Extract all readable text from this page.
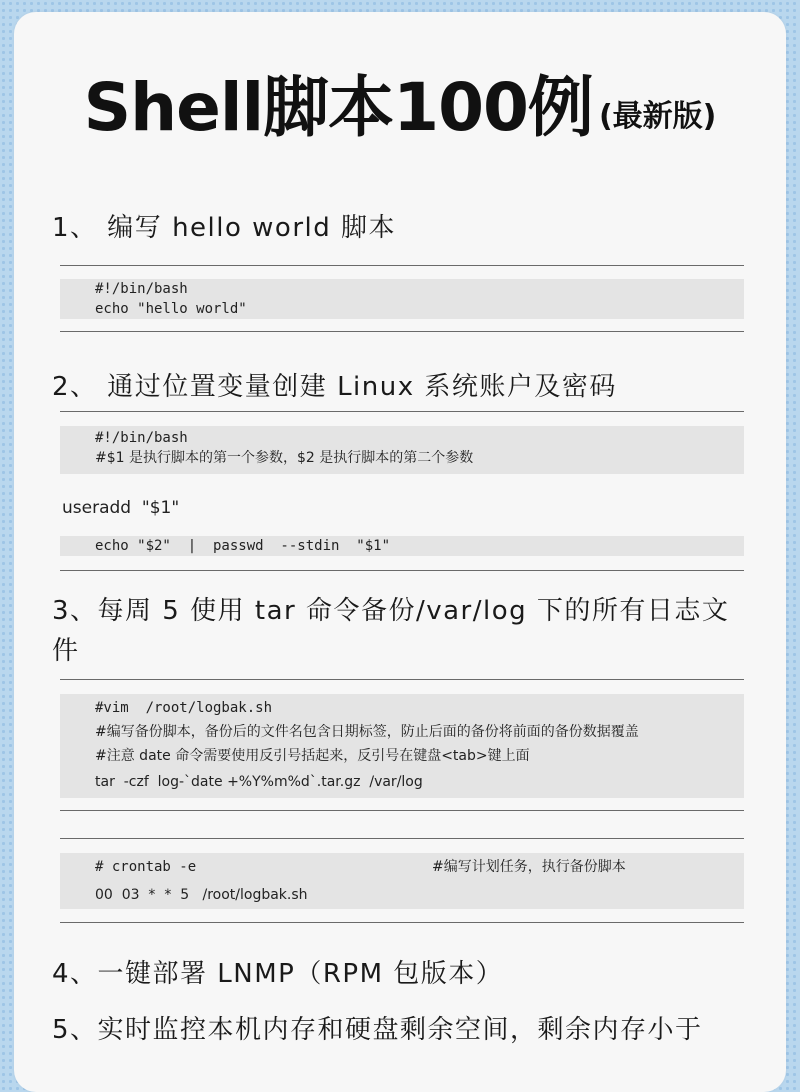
Shell脚本100例 (最新版)
1、 编写 hello world 脚本
#!/bin/bash
echo "hello world"
2、 通过位置变量创建 Linux 系统账户及密码
#!/bin/bash
#$1 是执行脚本的第一个参数，$2 是执行脚本的第二个参数
useradd  "$1"
echo "$2"  |  passwd  --stdin  "$1"
3、每周 5 使用 tar 命令备份/var/log 下的所有日志文件
#vim  /root/logbak.sh
#编写备份脚本，备份后的文件名包含日期标签，防止后面的备份将前面的备份数据覆盖
#注意 date 命令需要使用反引号括起来，反引号在键盘<tab>键上面
tar  -czf  log-`date +%Y%m%d`.tar.gz  /var/log
# crontab -e	#编写计划任务，执行备份脚本
00  03  *  *  5   /root/logbak.sh
4、一键部署 LNMP（RPM 包版本）
5、实时监控本机内存和硬盘剩余空间，剩余内存小于
